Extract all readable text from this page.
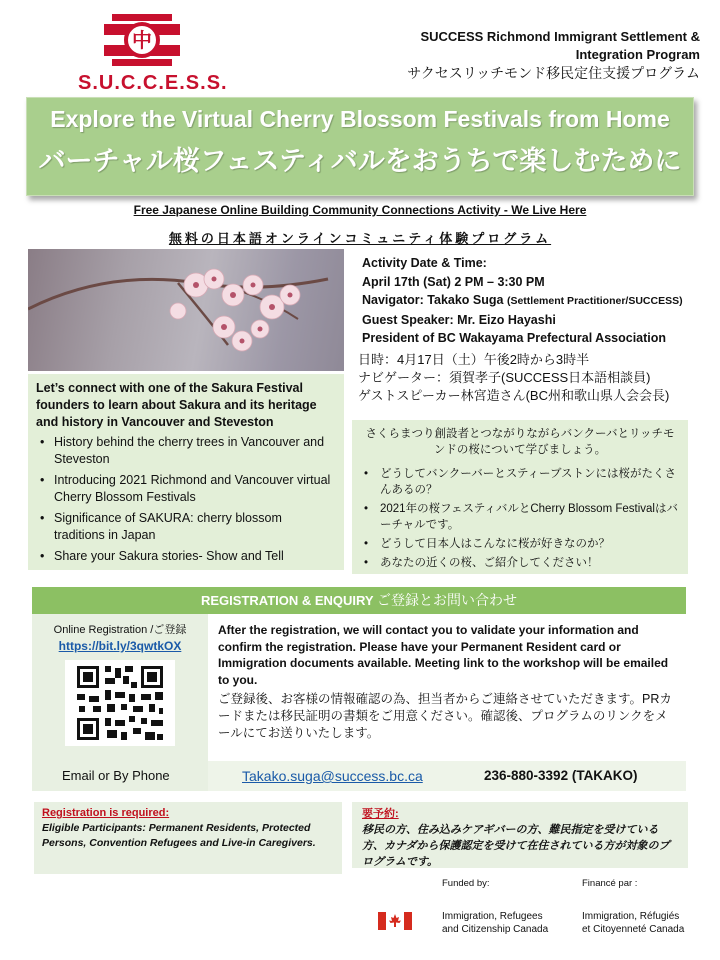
中
S.U.C.C.E.S.S.
SUCCESS Richmond Immigrant Settlement &
Integration Program
サクセスリッチモンド移民定住支援プログラム
Explore the Virtual Cherry Blossom Festivals from Home
バーチャル桜フェスティバルをおうちで楽しむために
Free Japanese Online Building Community Connections Activity - We Live Here
無料の日本語オンラインコミュニティ体験プログラム
Activity Date & Time:
April 17th (Sat) 2 PM – 3:30 PM
Navigator: Takako Suga (Settlement Practitioner/SUCCESS)
Guest Speaker: Mr. Eizo Hayashi
President of BC Wakayama Prefectural Association
日時：4月17日（土）午後2時から3時半
ナビゲーター：須賀孝子(SUCCESS日本語相談員)
ゲストスピーカー林宮造さん(BC州和歌山県人会会長)
Let’s connect with one of the Sakura Festival founders to learn about Sakura and its heritage and history in Vancouver and Steveston
• History behind the cherry trees in Vancouver and Steveston
• Introducing 2021 Richmond and Vancouver virtual Cherry Blossom Festivals
• Significance of SAKURA: cherry blossom traditions in Japan
• Share your Sakura stories- Show and Tell
さくらまつり創設者とつながりながらバンクーバとリッチモンドの桜について学びましょう。
• どうしてバンクーバーとスティーブストンには桜がたくさんあるの？
• 2021年の桜フェスティバルとCherry Blossom Festivalはバーチャルです。
• どうして日本人はこんなに桜が好きなのか？
• あなたの近くの桜、ご紹介してください！
REGISTRATION & ENQUIRY ご登録とお問い合わせ
Online Registration /ご登録
https://bit.ly/3qwtkOX
After the registration, we will contact you to validate your information and confirm the registration. Please have your Permanent Resident card or Immigration documents available. Meeting link to the workshop will be emailed to you.
ご登録後、お客様の情報確認の為、担当者からご連絡させていただきます。PRカードまたは移民証明の書類をご用意ください。確認後、プログラムのリンクをメールにてお送りいたします。
Email or By Phone	Takako.suga@success.bc.ca	236-880-3392 (TAKAKO)
Registration is required:
Eligible Participants: Permanent Residents, Protected Persons, Convention Refugees and Live-in Caregivers.
要予約:
移民の方、住み込みケアギバーの方、難民指定を受けている方、カナダから保護認定を受けて在住されている方が対象のプログラムです。
Funded by:	Financé par :
Immigration, Refugees
and Citizenship Canada
Immigration, Réfugiés
et Citoyenneté Canada
